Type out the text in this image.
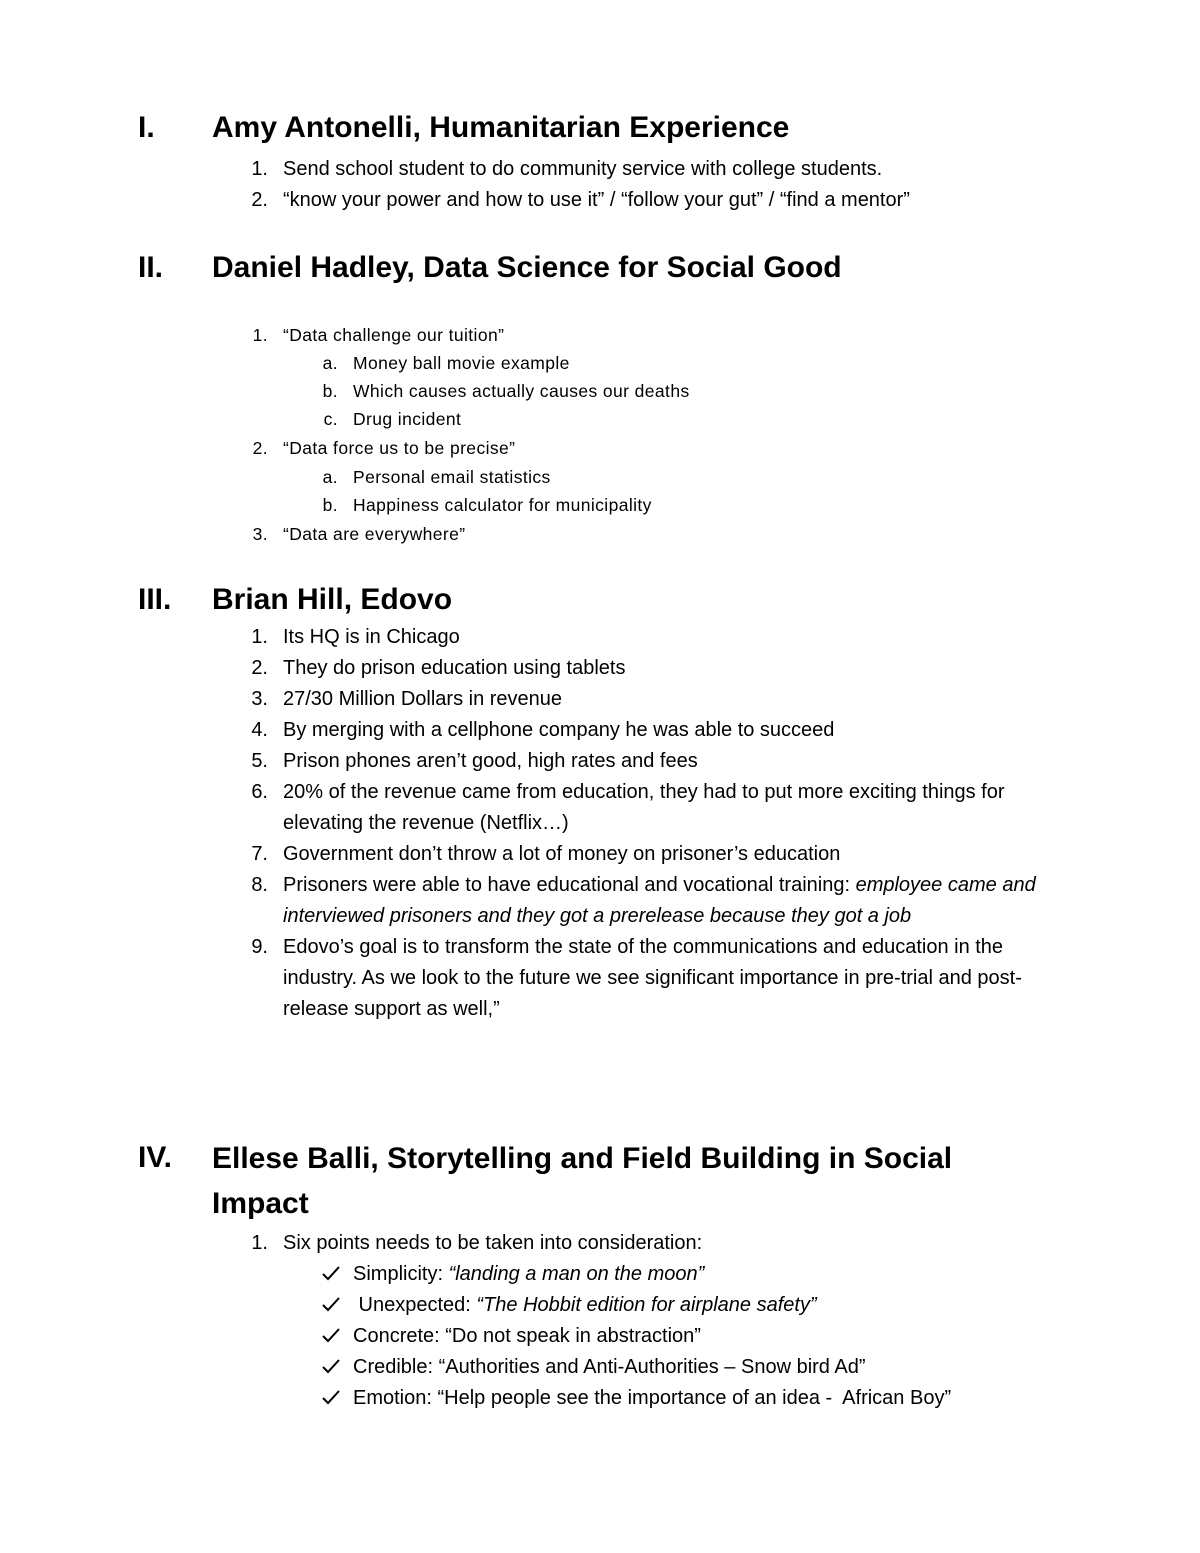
I. Amy Antonelli, Humanitarian Experience
1. Send school student to do community service with college students.
2. “know your power and how to use it” / “follow your gut” / “find a mentor”
II. Daniel Hadley, Data Science for Social Good
1. “Data challenge our tuition”
a. Money ball movie example
b. Which causes actually causes our deaths
c. Drug incident
2. “Data force us to be precise”
a. Personal email statistics
b. Happiness calculator for municipality
3. “Data are everywhere”
III. Brian Hill, Edovo
1. Its HQ is in Chicago
2. They do prison education using tablets
3. 27/30 Million Dollars in revenue
4. By merging with a cellphone company he was able to succeed
5. Prison phones aren’t good, high rates and fees
6. 20% of the revenue came from education, they had to put more exciting things for elevating the revenue (Netflix…)
7. Government don’t throw a lot of money on prisoner’s education
8. Prisoners were able to have educational and vocational training: employee came and interviewed prisoners and they got a prerelease because they got a job
9. Edovo’s goal is to transform the state of the communications and education in the industry. As we look to the future we see significant importance in pre-trial and post-release support as well,”
IV. Ellese Balli, Storytelling and Field Building in Social Impact
1. Six points needs to be taken into consideration:
Simplicity: “landing a man on the moon”
Unexpected: “The Hobbit edition for airplane safety”
Concrete: “Do not speak in abstraction”
Credible: “Authorities and Anti-Authorities – Snow bird Ad”
Emotion: “Help people see the importance of an idea -  African Boy”
